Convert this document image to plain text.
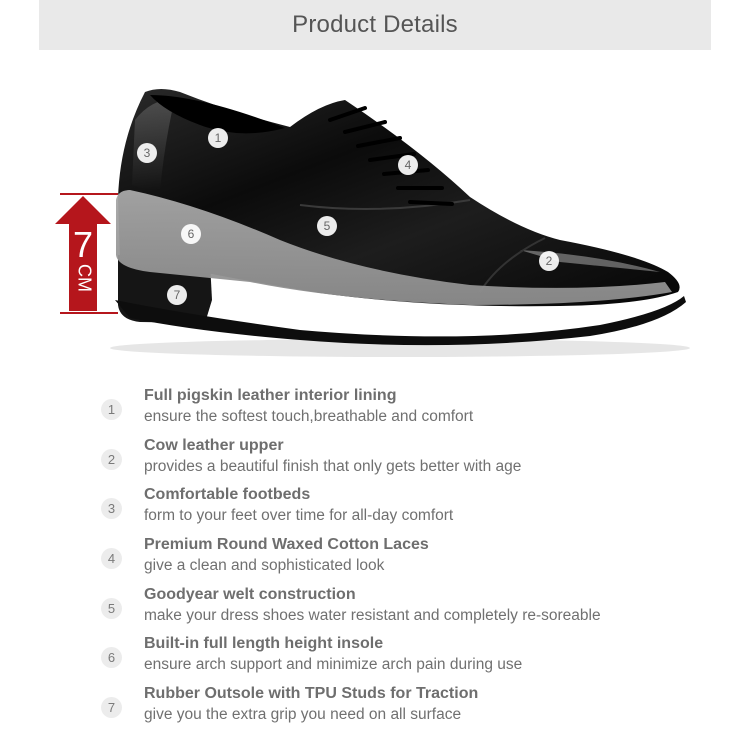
Product Details
7
CM
1
2
3
4
5
6
7
1
Full pigskin leather interior lining
ensure the softest touch,breathable and comfort
2
Cow leather upper
provides a beautiful finish that only gets better with age
3
Comfortable footbeds
form to your feet over time for all-day comfort
4
Premium Round Waxed Cotton Laces
give a clean and sophisticated look
5
Goodyear welt construction
make your dress shoes water resistant and completely re-soreable
6
Built-in full length height insole
ensure arch support and minimize arch pain during use
7
Rubber Outsole with TPU Studs for Traction
give you the extra grip you need on all surface
